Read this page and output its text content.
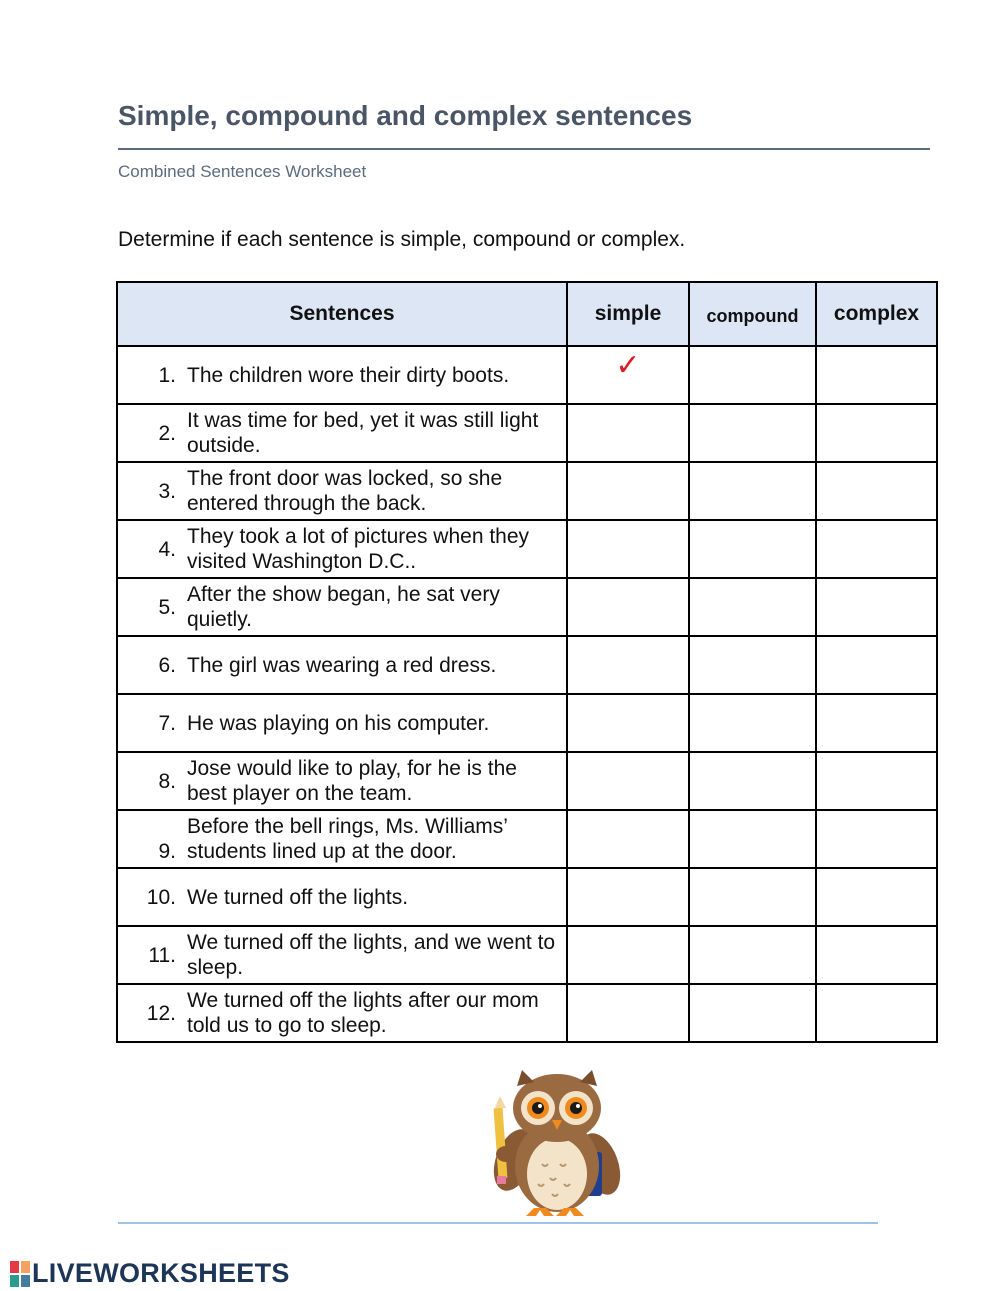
Simple, compound and complex sentences
Combined Sentences Worksheet
Determine if each sentence is simple, compound or complex.
Sentences	simple	compound	complex

1. The children wore their dirty boots.	✓		

2.
It was time for bed, yet it was still light outside.			

3.
The front door was locked, so she entered through the back.			

4.
They took a lot of pictures when they visited Washington D.C..			

5.
After the show began, he sat very quietly.			

6. The girl was wearing a red dress.			

7. He was playing on his computer.			

8.
Jose would like to play, for he is the best player on the team.			

9.
Before the bell rings, Ms. Williams’ students lined up at the door.			

10. We turned off the lights.			

11.
We turned off the lights, and we went to sleep.			

12.
We turned off the lights after our mom told us to go to sleep.			

LIVEWORKSHEETS
